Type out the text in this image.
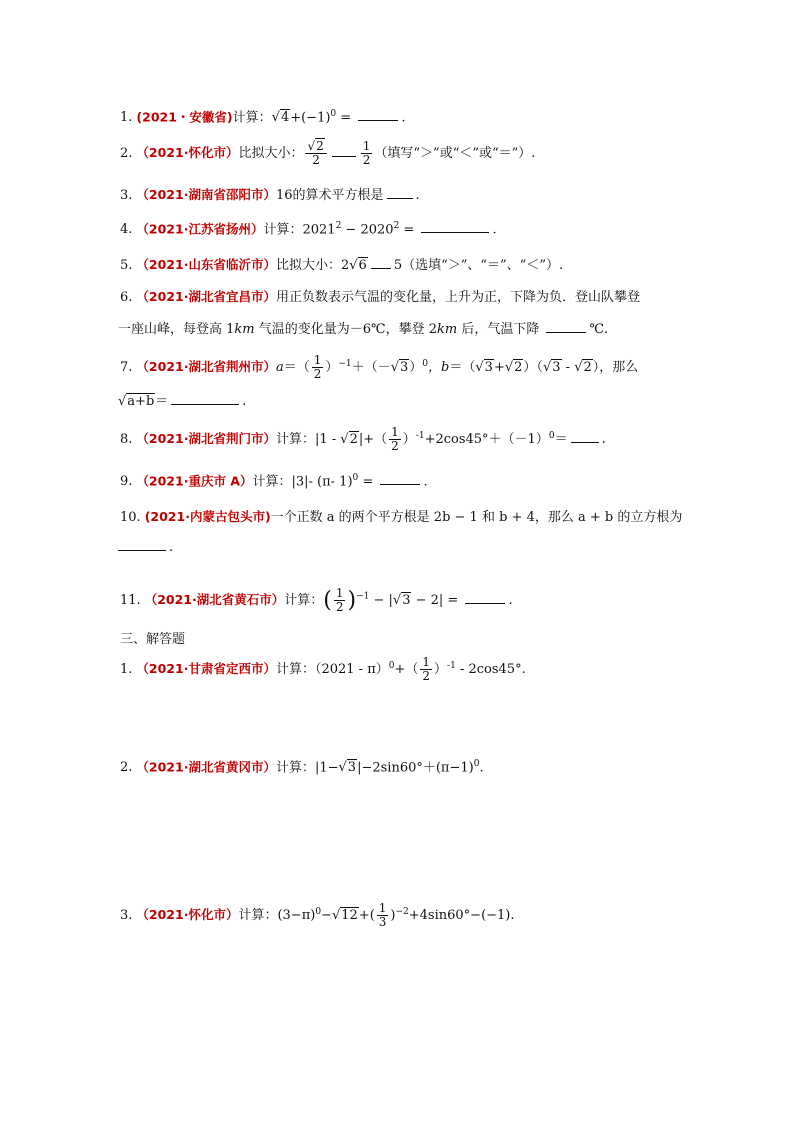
1. (2021・安徽省)计算：$√4+(-1)^0$ =	.
2. （2021·怀化市）比拟大小： $\frac{√2}{2}$	$\frac{1}{2}$ （填写“＞”或“＜”或“＝”）.
3. （2021·湖南省邵阳市）16的算术平方根是 .
4. （2021·江苏省扬州）计算：$2021^2 - 2020^2$ =	.
5. （2021·山东省临沂市）比拟大小：2√6 5（选填“＞”、“＝”、“＜”）.
6. （2021·湖北省宜昌市）用正负数表示气温的变化量，上升为正，下降为负．登山队攀登
一座山峰，每登高 1km 气温的变化量为－6℃，攀登 2km 后，气温下降	℃.
7. （2021·湖北省荆州市）$a=( \frac{1}{2} )^{-1}+(-√3)^0$，b＝（√3+√2）（√3 - √2），那么
√a+b＝	.
8. （2021·湖北省荆门市）计算：$|1 - √2|+( \frac{1}{2} )^{-1}+2\cos 45^\circ+(-1)^0=$	.
9. （2021·重庆市 A）计算：|3|- (π- 1)$^0$ =	.
10. (2021·内蒙古包头市)一个正数 a 的两个平方根是 2b − 1 和 b + 4，那么 a + b 的立方根为
.
11. （2021·湖北省黄石市）计算：( $\frac{1}{2} )^{-1} - |√3 - 2|$ =	.
三、解答题
1. （2021·甘肃省定西市）计算：$(2021 - \pi)^0+( \frac{1}{2} )^{-1} - 2\cos 45^\circ$.
2. （2021·湖北省黄冈市）计算：$|1-√3|-2\sin 60^\circ+(\pi-1)^0$.
3. （2021·怀化市）计算：$(3-\pi)^0-√12+( \frac{1}{3} )^{-2}+4\sin 60^\circ-(-1)$.
